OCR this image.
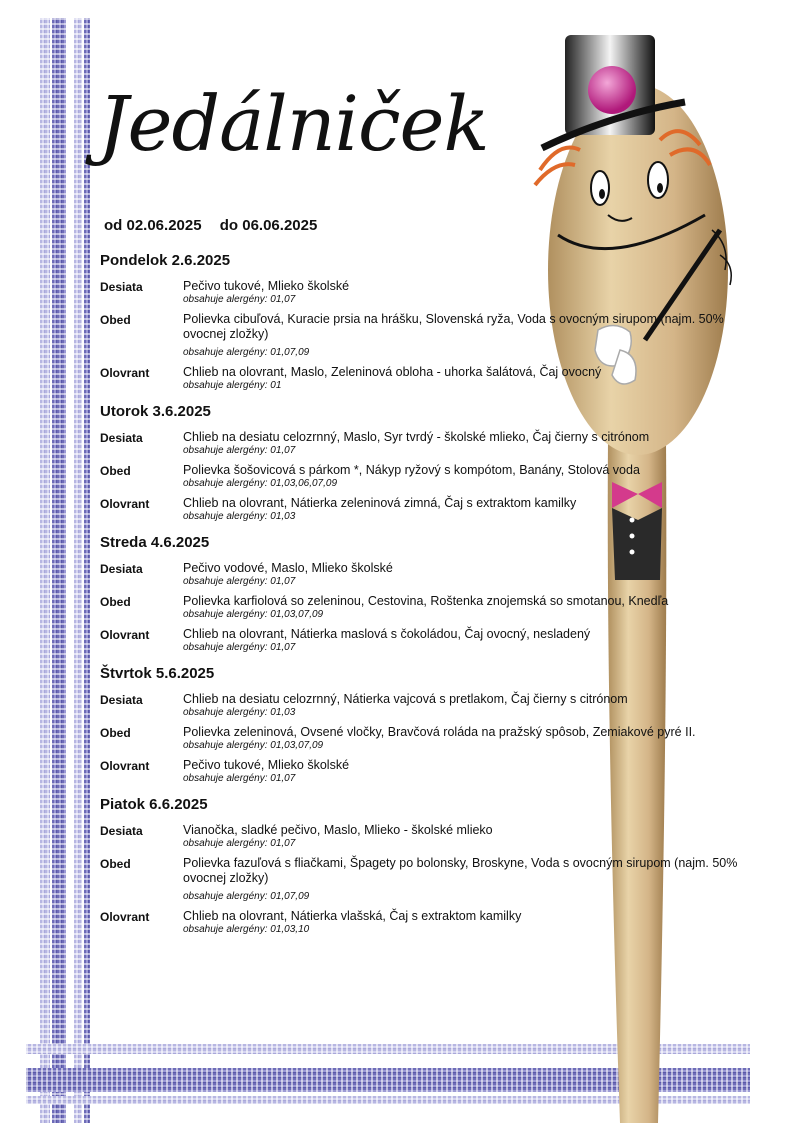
Jedálniček
od 02.06.2025 do 06.06.2025
Pondelok 2.6.2025
Desiata	Pečivo tukové, Mlieko školské
obsahuje alergény: 01,07
Obed	Polievka cibuľová, Kuracie prsia na hrášku, Slovenská ryža, Voda s ovocným sirupom (najm. 50% ovocnej zložky)
obsahuje alergény: 01,07,09
Olovrant	Chlieb na olovrant, Maslo, Zeleninová obloha - uhorka šalátová, Čaj ovocný
obsahuje alergény: 01
Utorok 3.6.2025
Desiata	Chlieb na desiatu celozrnný, Maslo, Syr tvrdý - školské mlieko, Čaj čierny s citrónom
obsahuje alergény: 01,07
Obed	Polievka šošovicová s párkom *, Nákyp ryžový s kompótom, Banány, Stolová voda
obsahuje alergény: 01,03,06,07,09
Olovrant	Chlieb na olovrant, Nátierka zeleninová zimná, Čaj s extraktom kamilky
obsahuje alergény: 01,03
Streda 4.6.2025
Desiata	Pečivo vodové, Maslo, Mlieko školské
obsahuje alergény: 01,07
Obed	Polievka karfiolová so zeleninou, Cestovina, Roštenka znojemská so smotanou, Knedľa
obsahuje alergény: 01,03,07,09
Olovrant	Chlieb na olovrant, Nátierka maslová s čokoládou, Čaj ovocný, nesladený
obsahuje alergény: 01,07
Štvrtok 5.6.2025
Desiata	Chlieb na desiatu celozrnný, Nátierka vajcová s pretlakom, Čaj čierny s citrónom
obsahuje alergény: 01,03
Obed	Polievka zeleninová, Ovsené vločky, Bravčová roláda na pražský spôsob, Zemiakové pyré II.
obsahuje alergény: 01,03,07,09
Olovrant	Pečivo tukové, Mlieko školské
obsahuje alergény: 01,07
Piatok 6.6.2025
Desiata	Vianočka, sladké pečivo, Maslo, Mlieko - školské mlieko
obsahuje alergény: 01,07
Obed	Polievka fazuľová s fliačkami, Špagety po bolonsky, Broskyne, Voda s ovocným sirupom (najm. 50% ovocnej zložky)
obsahuje alergény: 01,07,09
Olovrant	Chlieb na olovrant, Nátierka vlašská, Čaj s extraktom kamilky
obsahuje alergény: 01,03,10
